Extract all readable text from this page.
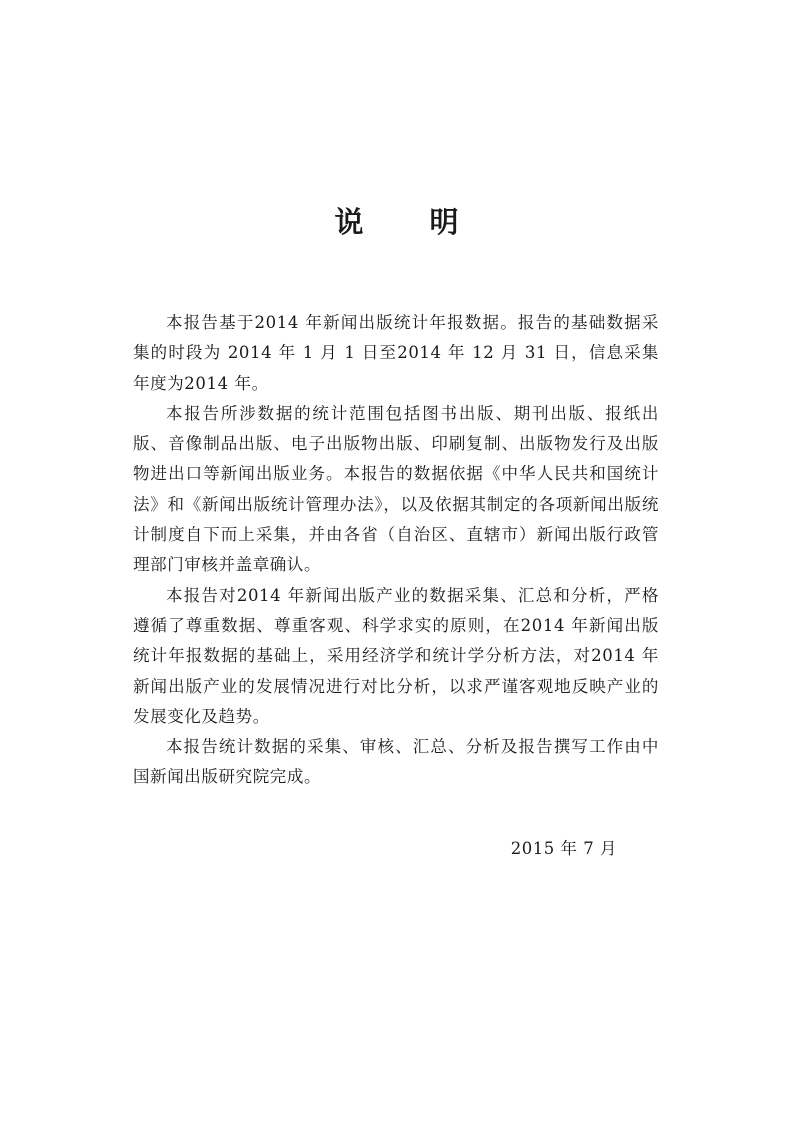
说 明

本报告基于2014 年新闻出版统计年报数据。报告的基础数据采集的时段为 2014 年 1 月 1 日至2014 年 12 月 31 日，信息采集年度为2014 年。

本报告所涉数据的统计范围包括图书出版、期刊出版、报纸出版、音像制品出版、电子出版物出版、印刷复制、出版物发行及出版物进出口等新闻出版业务。本报告的数据依据《中华人民共和国统计法》和《新闻出版统计管理办法》，以及依据其制定的各项新闻出版统计制度自下而上采集，并由各省（自治区、直辖市）新闻出版行政管理部门审核并盖章确认。

本报告对2014 年新闻出版产业的数据采集、汇总和分析，严格遵循了尊重数据、尊重客观、科学求实的原则，在2014 年新闻出版统计年报数据的基础上，采用经济学和统计学分析方法，对2014 年新闻出版产业的发展情况进行对比分析，以求严谨客观地反映产业的发展变化及趋势。

本报告统计数据的采集、审核、汇总、分析及报告撰写工作由中国新闻出版研究院完成。

2015 年 7 月
